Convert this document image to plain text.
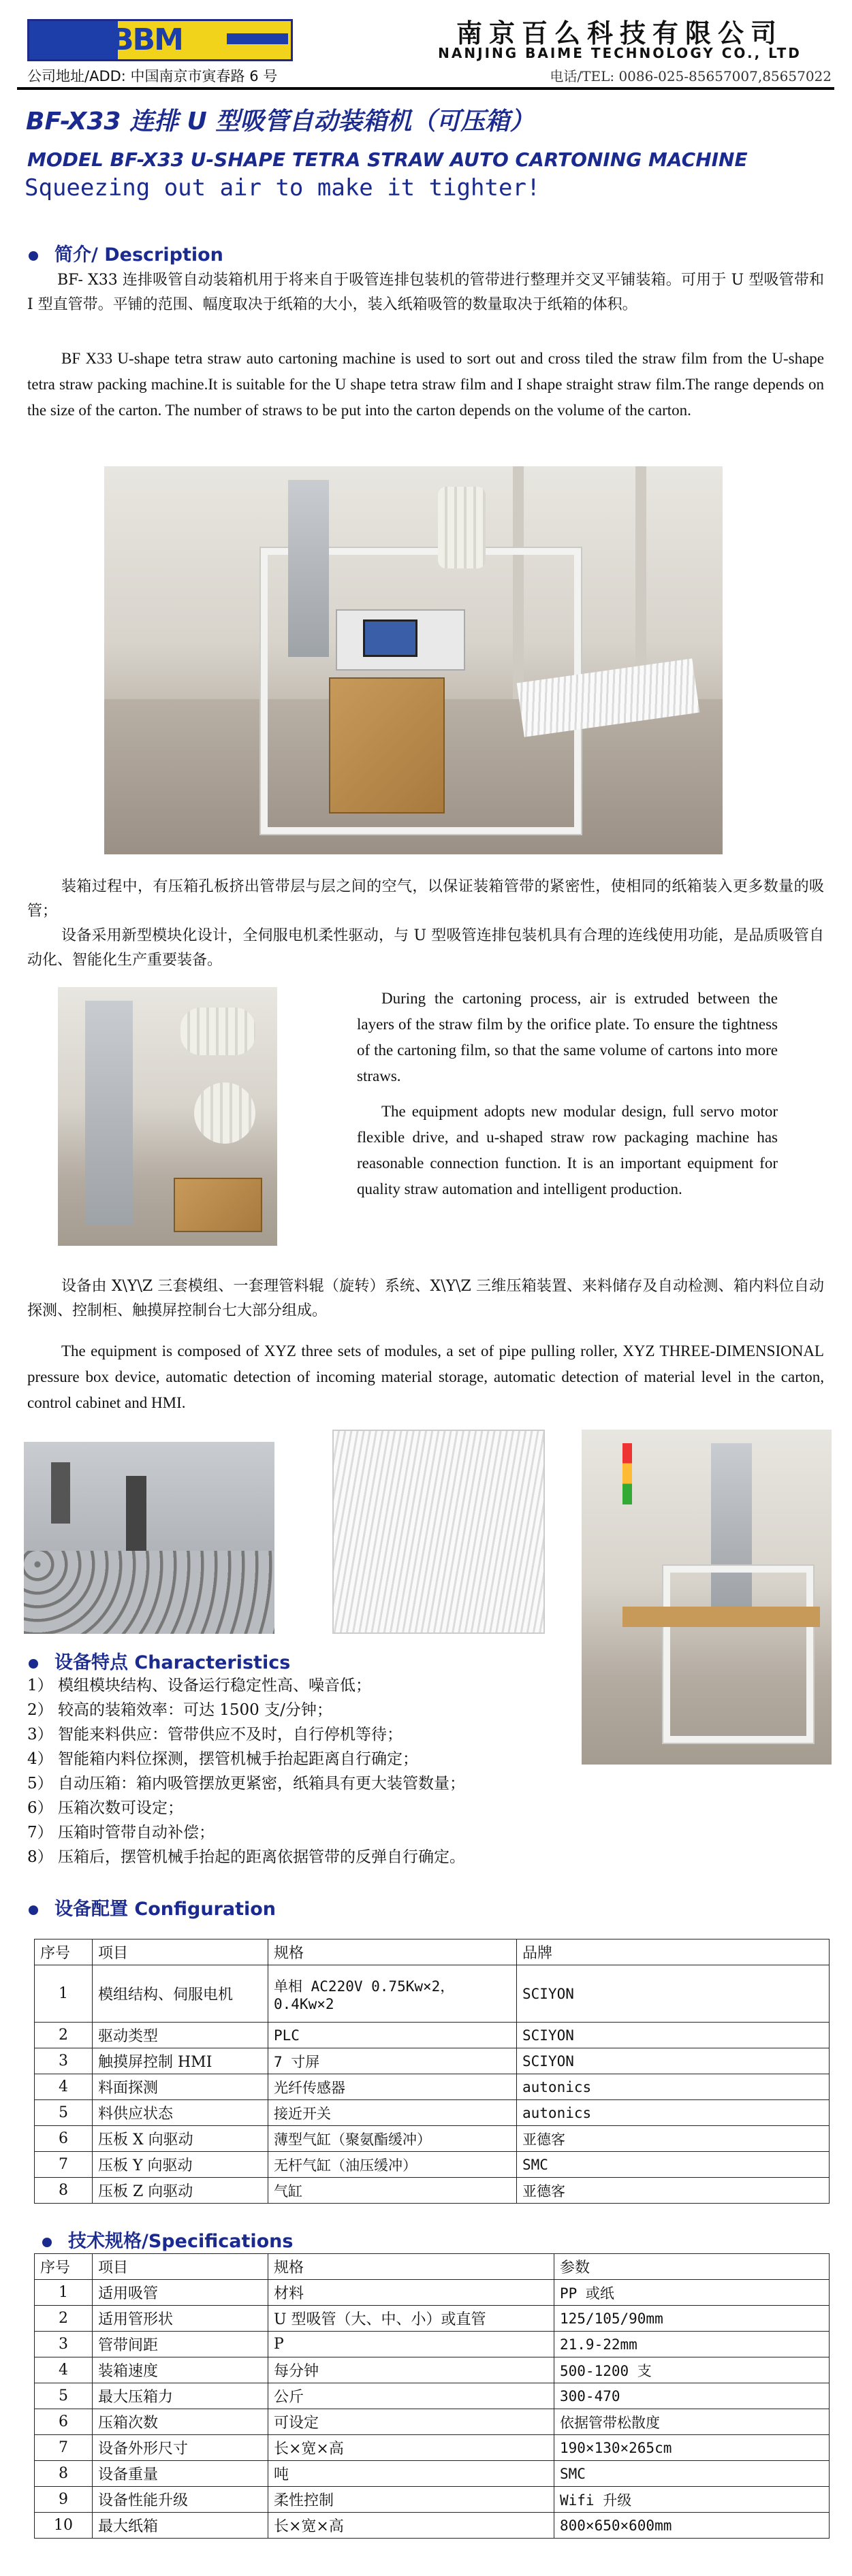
BBM	南京百么科技有限公司
NANJING BAIME TECHNOLOGY CO., LTD
公司地址/ADD: 中国南京市寅春路 6 号	电话/TEL: 0086-025-85657007,85657022
BF-X33 连排 U 型吸管自动装箱机（可压箱）
MODEL BF-X33 U-SHAPE TETRA STRAW AUTO CARTONING MACHINE
Squeezing out air to make it tighter!
简介/ Description
BF- X33 连排吸管自动装箱机用于将来自于吸管连排包装机的管带进行整理并交叉平铺装箱。可用于 U 型吸管带和 I 型直管带。平铺的范围、幅度取决于纸箱的大小，装入纸箱吸管的数量取决于纸箱的体积。
BF X33 U-shape tetra straw auto cartoning machine is used to sort out and cross tiled the straw film from the U-shape tetra straw packing machine.It is suitable for the U shape tetra straw film and I shape straight straw film.The range depends on the size of the carton. The number of straws to be put into the carton depends on the volume of the carton.
装箱过程中，有压箱孔板挤出管带层与层之间的空气，以保证装箱管带的紧密性，使相同的纸箱装入更多数量的吸管；
设备采用新型模块化设计，全伺服电机柔性驱动，与 U 型吸管连排包装机具有合理的连线使用功能，是品质吸管自动化、智能化生产重要装备。
During the cartoning process, air is extruded between the layers of the straw film by the orifice plate. To ensure the tightness of the cartoning film, so that the same volume of cartons into more straws.
The equipment adopts new modular design, full servo motor flexible drive, and u-shaped straw row packaging machine has reasonable connection function. It is an important equipment for quality straw automation and intelligent production.
设备由 X\Y\Z 三套模组、一套理管料辊（旋转）系统、X\Y\Z 三维压箱装置、来料储存及自动检测、箱内料位自动探测、控制柜、触摸屏控制台七大部分组成。
The equipment is composed of XYZ three sets of modules, a set of pipe pulling roller, XYZ THREE-DIMENSIONAL pressure box device, automatic detection of incoming material storage, automatic detection of material level in the carton, control cabinet and HMI.
设备特点 Characteristics
1） 模组模块结构、设备运行稳定性高、噪音低；
2） 较高的装箱效率：可达 1500 支/分钟；
3） 智能来料供应：管带供应不及时，自行停机等待；
4） 智能箱内料位探测，摆管机械手抬起距离自行确定；
5） 自动压箱：箱内吸管摆放更紧密，纸箱具有更大装管数量；
6） 压箱次数可设定；
7） 压箱时管带自动补偿；
8） 压箱后，摆管机械手抬起的距离依据管带的反弹自行确定。
设备配置 Configuration
序号	项目	规格	品牌
1	模组结构、伺服电机	单相 AC220V 0.75Kw×2，0.4Kw×2	SCIYON
2	驱动类型	PLC	SCIYON
3	触摸屏控制 HMI	7 寸屏	SCIYON
4	料面探测	光纤传感器	autonics
5	料供应状态	接近开关	autonics
6	压板 X 向驱动	薄型气缸（聚氨酯缓冲）	亚德客
7	压板 Y 向驱动	无杆气缸（油压缓冲）	SMC
8	压板 Z 向驱动	气缸	亚德客
技术规格/Specifications
序号	项目	规格	参数
1	适用吸管	材料	PP 或纸
2	适用管形状	U 型吸管（大、中、小）或直管	125/105/90mm
3	管带间距	P	21.9-22mm
4	装箱速度	每分钟	500-1200 支
5	最大压箱力	公斤	300-470
6	压箱次数	可设定	依据管带松散度
7	设备外形尺寸	长×宽×高	190×130×265cm
8	设备重量	吨	SMC
9	设备性能升级	柔性控制	Wifi 升级
10	最大纸箱	长×宽×高	800×650×600mm
